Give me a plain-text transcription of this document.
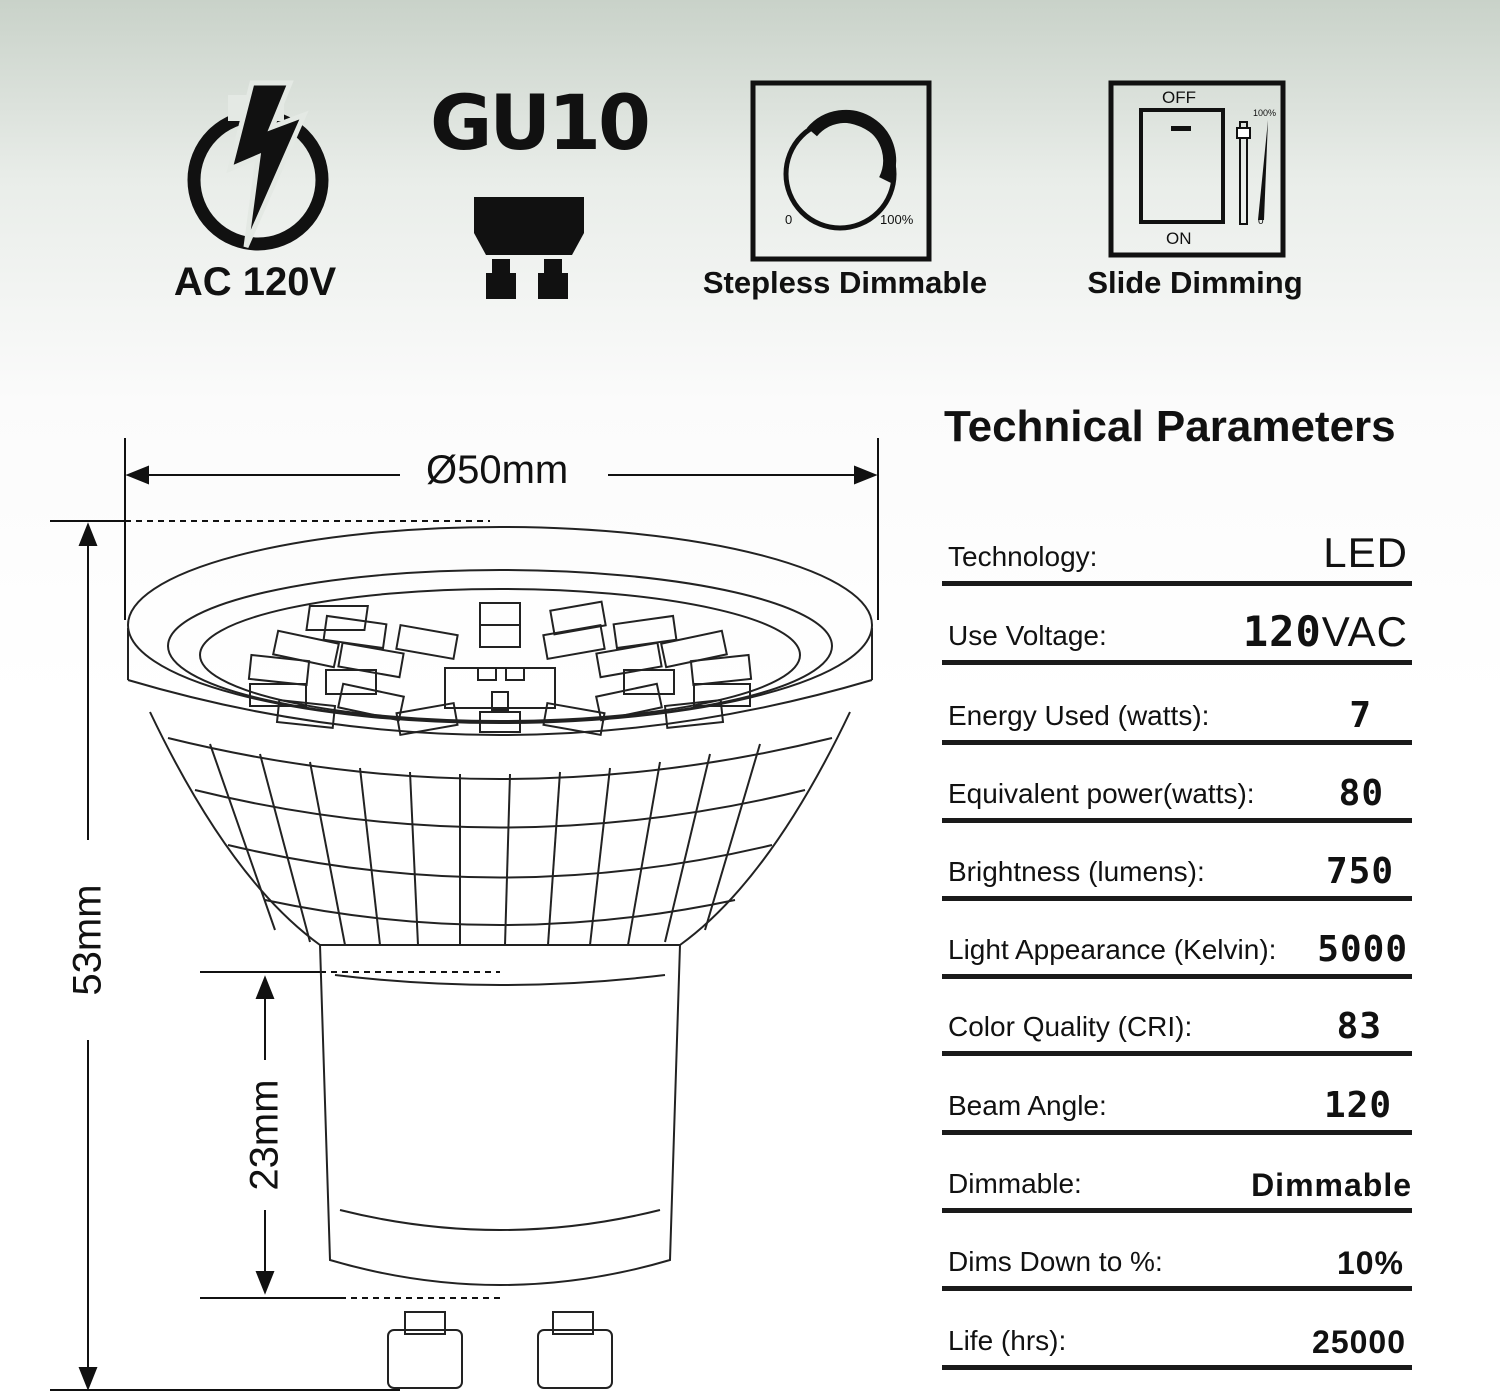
AC 120V
GU10
0	100%
Stepless Dimmable
OFF
ON
100%
0
Slide Dimming
Ø50mm
53mm
23mm
Technical Parameters
Technology:	LED
Use Voltage:	120VAC
Energy Used (watts):	7
Equivalent power(watts): 80
Brightness (lumens):	750
Light Appearance (Kelvin): 5000
Color Quality (CRI):	83
Beam Angle:	120
Dimmable:	Dimmable
Dims Down to %:	10%
Life (hrs):	25000
